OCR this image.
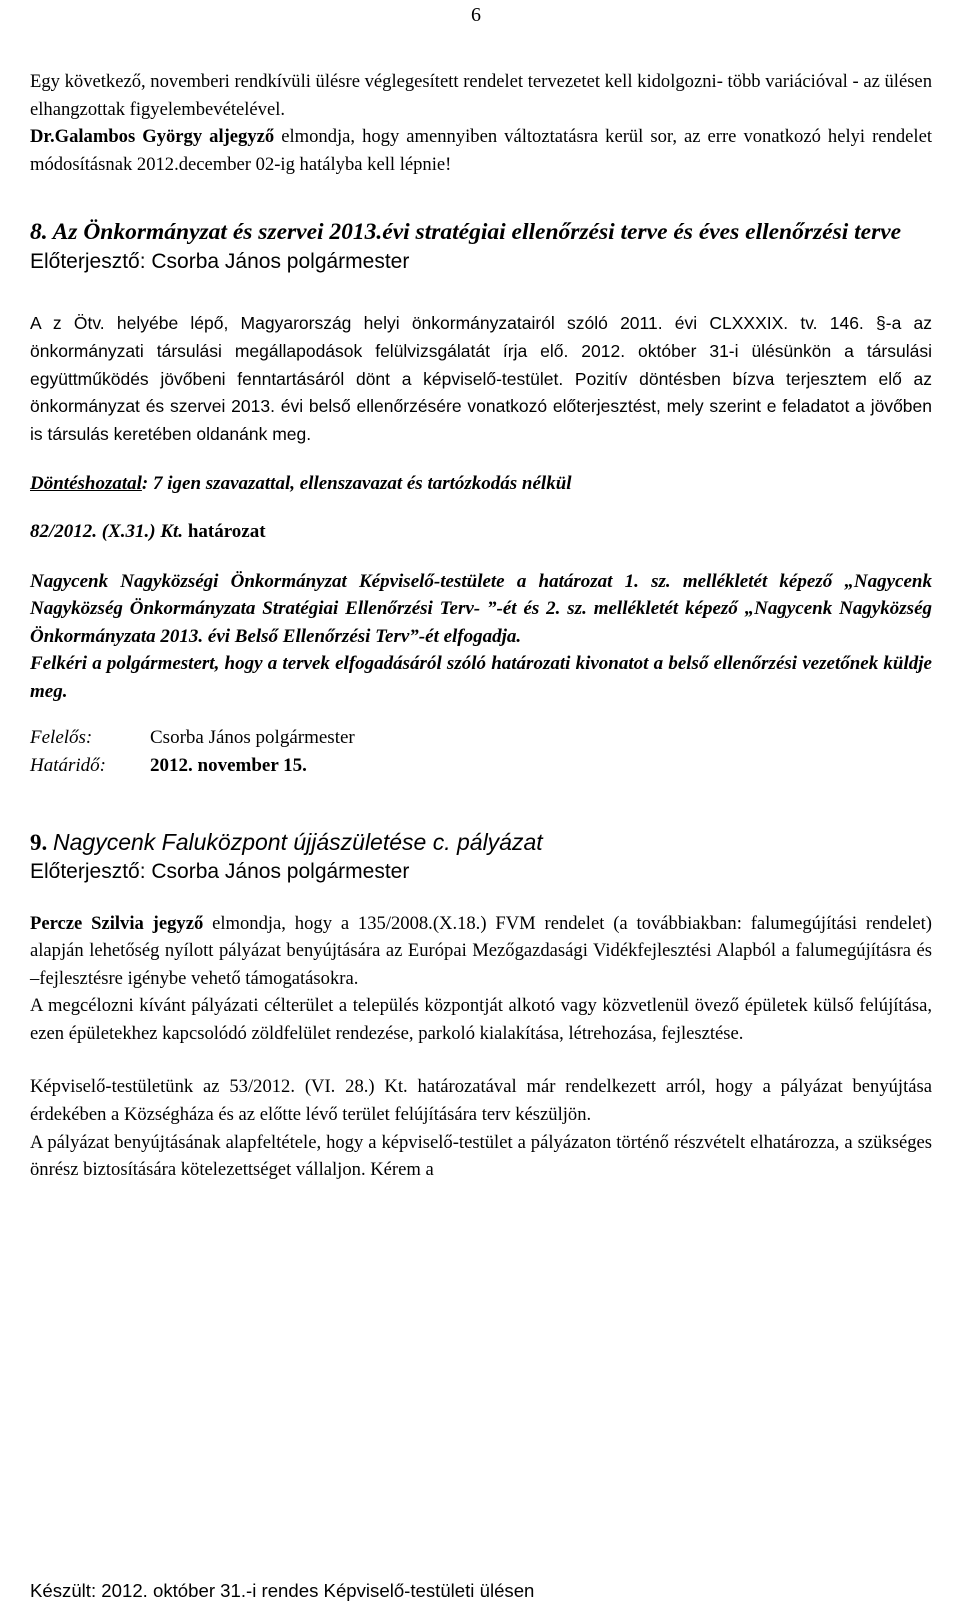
6

Egy következő, novemberi rendkívüli ülésre véglegesített rendelet tervezetet kell kidolgozni- több variációval - az ülésen elhangzottak figyelembevételével.

Dr.Galambos György aljegyző elmondja, hogy amennyiben változtatásra kerül sor, az erre vonatkozó helyi rendelet módosításnak 2012.december 02-ig hatályba kell lépnie!

8. Az Önkormányzat és szervei 2013.évi stratégiai ellenőrzési terve és éves ellenőrzési terve
Előterjesztő: Csorba János polgármester

A z Ötv. helyébe lépő, Magyarország helyi önkormányzatairól szóló 2011. évi CLXXXIX. tv. 146. §-a az önkormányzati társulási megállapodások felülvizsgálatát írja elő. 2012. október 31-i ülésünkön a társulási együttműködés jövőbeni fenntartásáról dönt a képviselő-testület. Pozitív döntésben bízva terjesztem elő az önkormányzat és szervei 2013. évi belső ellenőrzésére vonatkozó előterjesztést, mely szerint e feladatot a jövőben is társulás keretében oldanánk meg.

Döntéshozatal: 7 igen szavazattal, ellenszavazat és tartózkodás nélkül

82/2012. (X.31.) Kt. határozat

Nagycenk Nagyközségi Önkormányzat Képviselő-testülete a határozat 1. sz. mellékletét képező „Nagycenk Nagyközség Önkormányzata Stratégiai Ellenőrzési Terv- ”-ét és 2. sz. mellékletét képező „Nagycenk Nagyközség Önkormányzata 2013. évi Belső Ellenőrzési Terv”-ét elfogadja.

Felkéri a polgármestert, hogy a tervek elfogadásáról szóló határozati kivonatot a belső ellenőrzési vezetőnek küldje meg.

Felelős:	Csorba János polgármester
Határidő:	2012. november 15.
9. Nagycenk Faluközpont újjászületése c. pályázat
Előterjesztő: Csorba János polgármester

Percze Szilvia jegyző elmondja, hogy a 135/2008.(X.18.) FVM rendelet (a továbbiakban: falumegújítási rendelet) alapján lehetőség nyílott pályázat benyújtására az Európai Mezőgazdasági Vidékfejlesztési Alapból a falumegújításra és –fejlesztésre igénybe vehető támogatásokra.

A megcélozni kívánt pályázati célterület a település központját alkotó vagy közvetlenül övező épületek külső felújítása, ezen épületekhez kapcsolódó zöldfelület rendezése, parkoló kialakítása, létrehozása, fejlesztése.

Képviselő-testületünk az 53/2012. (VI. 28.) Kt. határozatával már rendelkezett arról, hogy a pályázat benyújtása érdekében a Községháza és az előtte lévő terület felújítására terv készüljön.

A pályázat benyújtásának alapfeltétele, hogy a képviselő-testület a pályázaton történő részvételt elhatározza, a szükséges önrész biztosítására kötelezettséget vállaljon. Kérem a

Készült: 2012. október 31.-i rendes Képviselő-testületi ülésen
